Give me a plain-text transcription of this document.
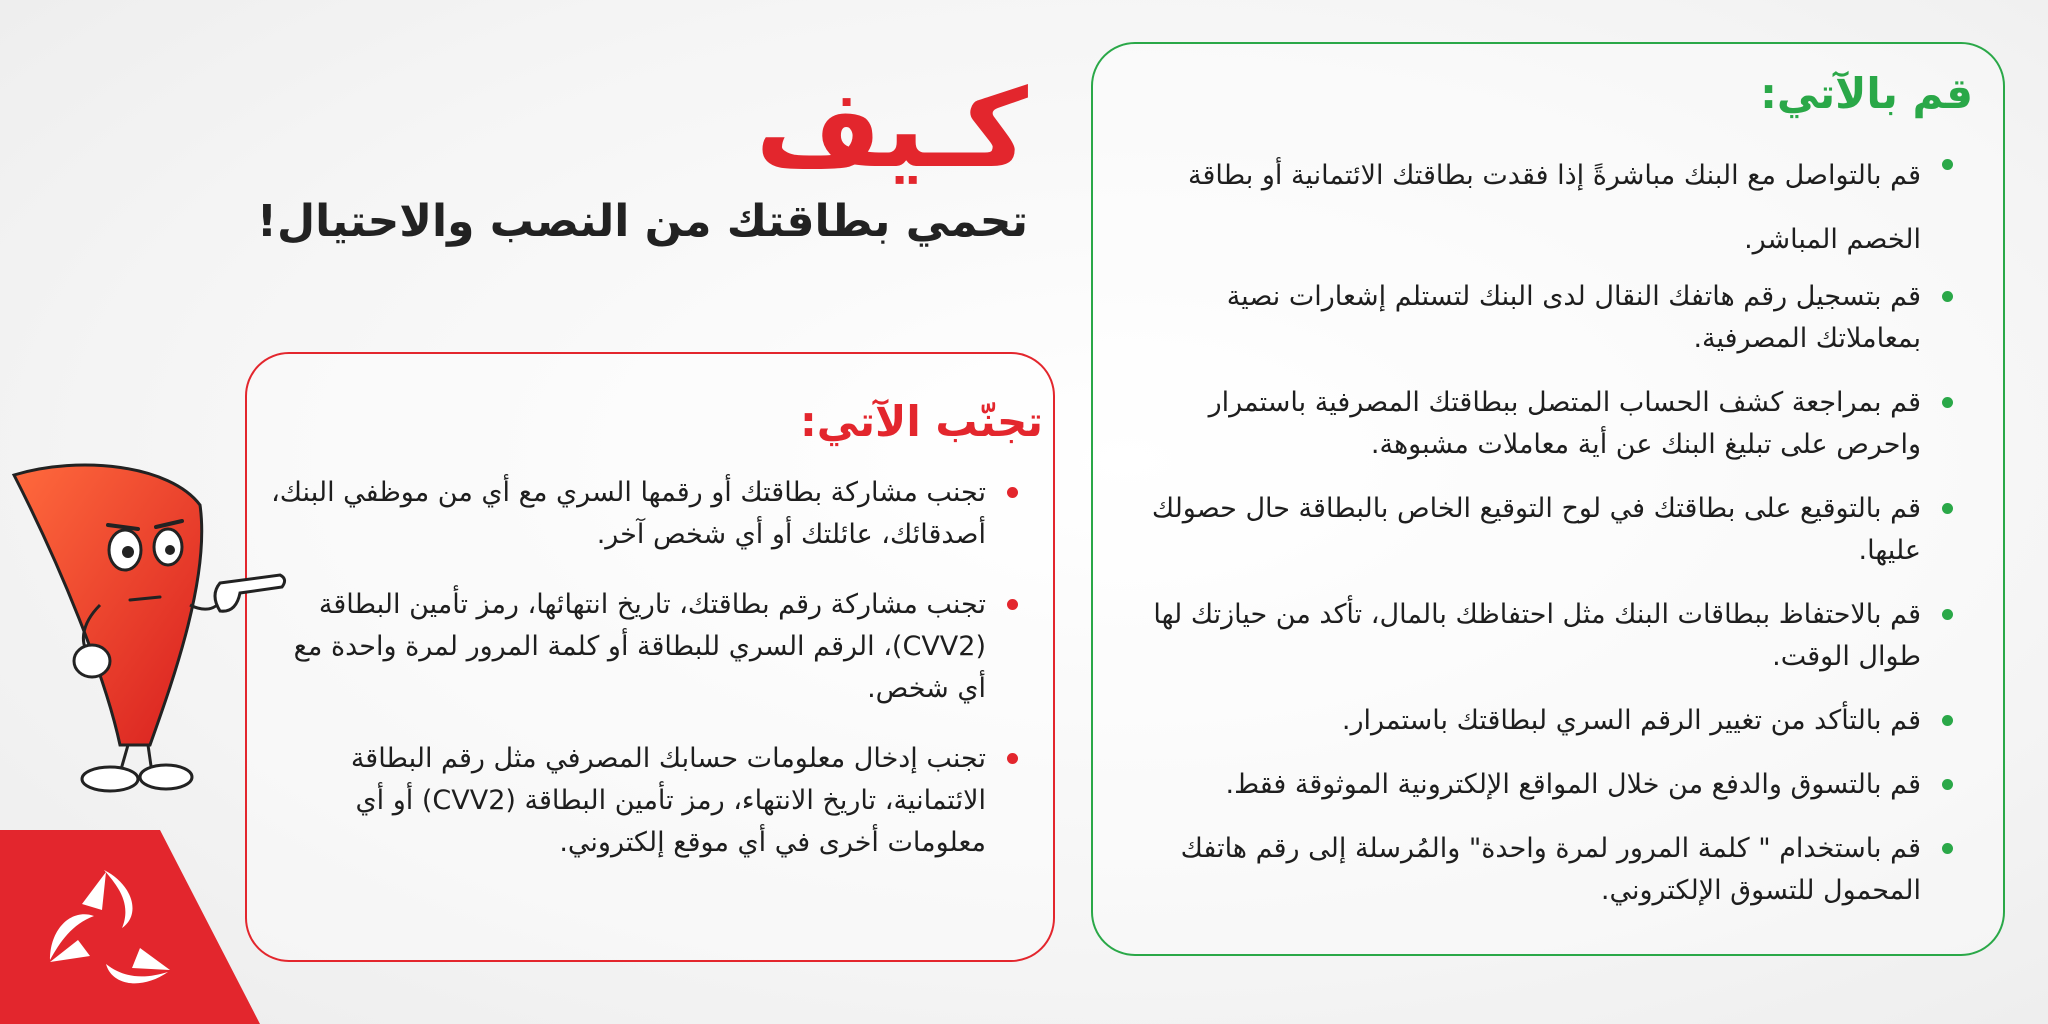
كـيف
تحمي بطاقتك من النصب والاحتيال!
قم بالآتي:
قم بالتواصل مع البنك مباشرةً إذا فقدت بطاقتك الائتمانية أو بطاقة الخصم المباشر.
قم بتسجيل رقم هاتفك النقال لدى البنك لتستلم إشعارات نصية بمعاملاتك المصرفية.
قم بمراجعة كشف الحساب المتصل ببطاقتك المصرفية باستمرار واحرص على تبليغ البنك عن أية معاملات مشبوهة.
قم بالتوقيع على بطاقتك في لوح التوقيع الخاص بالبطاقة حال حصولك عليها.
قم بالاحتفاظ ببطاقات البنك مثل احتفاظك بالمال، تأكد من حيازتك لها طوال الوقت.
قم بالتأكد من تغيير الرقم السري لبطاقتك باستمرار.
قم بالتسوق والدفع من خلال المواقع الإلكترونية الموثوقة فقط.
قم باستخدام " كلمة المرور لمرة واحدة" والمُرسلة إلى رقم هاتفك المحمول للتسوق الإلكتروني.
تجنّب الآتي:
تجنب مشاركة بطاقتك أو رقمها السري مع أي من موظفي البنك، أصدقائك، عائلتك أو أي شخص آخر.
تجنب مشاركة رقم بطاقتك، تاريخ انتهائها، رمز تأمين البطاقة (CVV2)، الرقم السري للبطاقة أو كلمة المرور لمرة واحدة مع أي شخص.
تجنب إدخال معلومات حسابك المصرفي مثل رقم البطاقة الائتمانية، تاريخ الانتهاء، رمز تأمين البطاقة (CVV2) أو أي معلومات أخرى في أي موقع إلكتروني.
